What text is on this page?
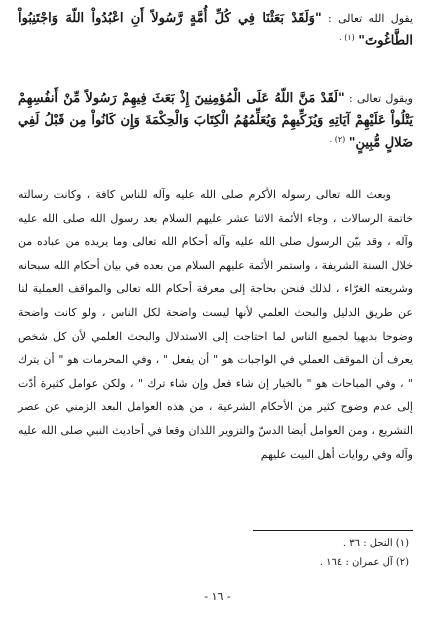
يقول الله تعالى : "وَلَقَدْ بَعَثْنَا فِي كُلِّ أُمَّةٍ رَّسُولاً أَنِ اعْبُدُواْ اللّهَ وَاجْتَنِبُواْ الطَّاغُوتَ" $^{(١) .}$
ويقول تعالى : "لَقَدْ مَنَّ اللّهُ عَلَى الْمُؤمِنِينَ إِذْ بَعَثَ فِيهِمْ رَسُولاً مِّنْ أَنفُسِهِمْ يَتْلُواْ عَلَيْهِمْ آيَاتِهِ وَيُزَكِّيهِمْ وَيُعَلِّمُهُمُ الْكِتَابَ وَالْحِكْمَةَ وَإِن كَانُواْ مِن قَبْلُ لَفِي ضَلالٍ مُّبِينٍ" $^{(٢) .}$

وبعث الله تعالى رسوله الأكرم صلى الله عليه وآله للناس كافة ، وكانت رسالته خاتمة الرسالات ، وجاء الأئمة الاثنا عشر عليهم السلام بعد رسول الله صلى الله عليه وآله ، وقد بيّن الرسول صلى الله عليه وآله أحكام الله تعالى وما يريده من عباده من خلال السنة الشريفة ، واستمر الأئمة عليهم السلام من بعده في بيان أحكام الله سبحانه وشريعته الغرّاء ، لذلك فنحن بحاجة إلى معرفة أحكام الله تعالى والمواقف العملية لنا عن طريق الدليل والبحث العلمي لأنها ليست واضحة لكل الناس ، ولو كانت واضحة وضوحا بديهيا لجميع الناس لما احتاجت إلى الاستدلال والبحث العلمي لأن كل شخص يعرف أن الموقف العملي في الواجبات هو " أن يفعل " ، وفي المحرمات هو " أن يترك " ، وفي المباحات هو " بالخيار إن شاء فعل وإن شاء ترك " ، ولكن عوامل كثيرة أدّت إلى عدم وضوح كثير من الأحكام الشرعية ، من هذه العوامل البعد الزمني عن عصر التشريع ، ومن العوامل أيضا الدسّ والتزوير اللذان وقعا في أحاديث النبي صلى الله عليه وآله وفي روايات أهل البيت عليهم

(١) النحل : ٣٦ .

(٢) آل عمران : ١٦٤ .

- ١٦ -
